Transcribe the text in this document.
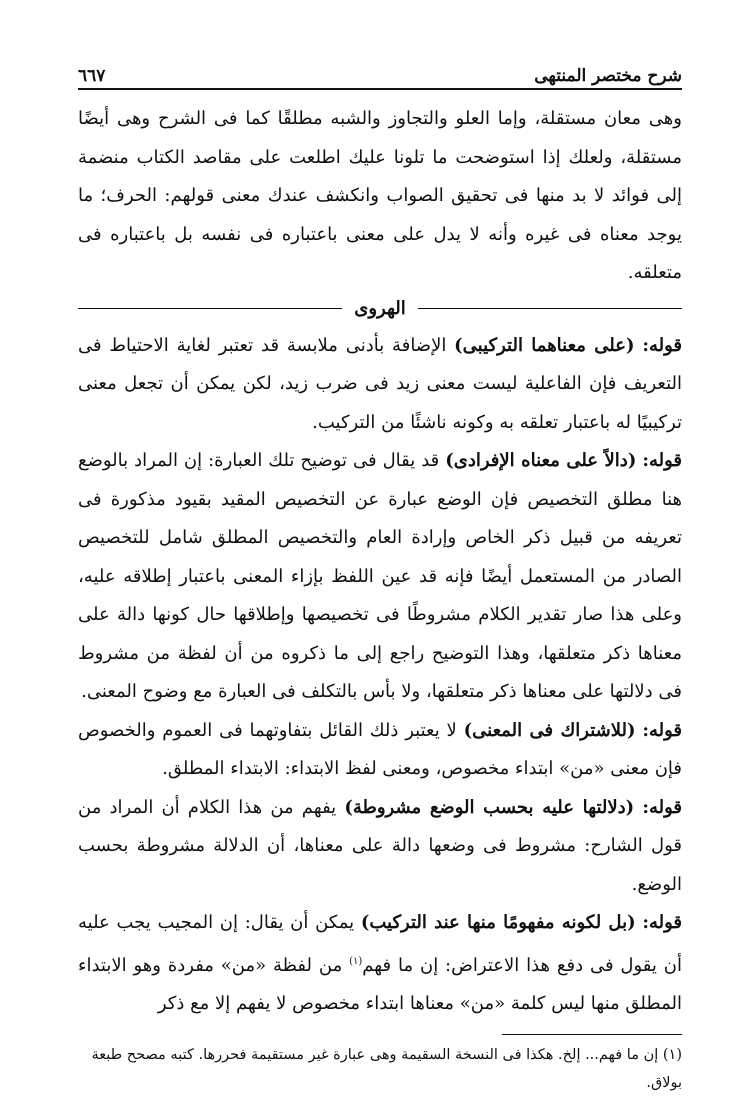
شرح مختصر المنتهى
٦٦٧

وهى معان مستقلة، وإما العلو والتجاوز والشبه مطلقًا كما فى الشرح وهى أيضًا مستقلة، ولعلك إذا استوضحت ما تلونا عليك اطلعت على مقاصد الكتاب منضمة إلى فوائد لا بد منها فى تحقيق الصواب وانكشف عندك معنى قولهم: الحرف؛ ما يوجد معناه فى غيره وأنه لا يدل على معنى باعتباره فى نفسه بل باعتباره فى متعلقه.

الهروى

قوله: (على معناهما التركيبى) الإضافة بأدنى ملابسة قد تعتبر لغاية الاحتياط فى التعريف فإن الفاعلية ليست معنى زيد فى ضرب زيد، لكن يمكن أن تجعل معنى تركيبيًا له باعتبار تعلقه به وكونه ناشئًا من التركيب.

قوله: (دالاً على معناه الإفرادى) قد يقال فى توضيح تلك العبارة: إن المراد بالوضع هنا مطلق التخصيص فإن الوضع عبارة عن التخصيص المقيد بقيود مذكورة فى تعريفه من قبيل ذكر الخاص وإرادة العام والتخصيص المطلق شامل للتخصيص الصادر من المستعمل أيضًا فإنه قد عين اللفظ بإزاء المعنى باعتبار إطلاقه عليه، وعلى هذا صار تقدير الكلام مشروطًا فى تخصيصها وإطلاقها حال كونها دالة على معناها ذكر متعلقها، وهذا التوضيح راجع إلى ما ذكروه من أن لفظة من مشروط فى دلالتها على معناها ذكر متعلقها، ولا بأس بالتكلف فى العبارة مع وضوح المعنى.

قوله: (للاشتراك فى المعنى) لا يعتبر ذلك القائل بتفاوتهما فى العموم والخصوص فإن معنى «من» ابتداء مخصوص، ومعنى لفظ الابتداء: الابتداء المطلق.

قوله: (دلالتها عليه بحسب الوضع مشروطة) يفهم من هذا الكلام أن المراد من قول الشارح: مشروط فى وضعها دالة على معناها، أن الدلالة مشروطة بحسب الوضع.

قوله: (بل لكونه مفهومًا منها عند التركيب) يمكن أن يقال: إن المجيب يجب عليه أن يقول فى دفع هذا الاعتراض: إن ما فهم$^{(١)}$ من لفظة «من» مفردة وهو الابتداء المطلق منها ليس كلمة «من» معناها ابتداء مخصوص لا يفهم إلا مع ذكر

(١) إن ما فهم... إلخ. هكذا فى النسخة السقيمة وهى عبارة غير مستقيمة فحررها. كتبه مصحح طبعة بولاق.
